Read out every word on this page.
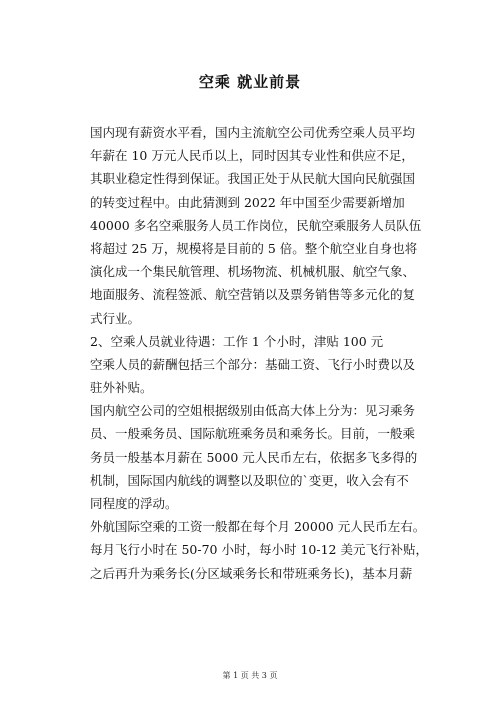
空乘 就业前景
国内现有薪资水平看，国内主流航空公司优秀空乘人员平均
年薪在 10 万元人民币以上，同时因其专业性和供应不足，
其职业稳定性得到保证。我国正处于从民航大国向民航强国
的转变过程中。由此猜测到 2022 年中国至少需要新增加
40000 多名空乘服务人员工作岗位，民航空乘服务人员队伍
将超过 25 万，规模将是目前的 5 倍。整个航空业自身也将
演化成一个集民航管理、机场物流、机械机服、航空气象、
地面服务、流程签派、航空营销以及票务销售等多元化的复
式行业。
2、空乘人员就业待遇：工作 1 个小时，津贴 100 元
空乘人员的薪酬包括三个部分：基础工资、飞行小时费以及
驻外补贴。
国内航空公司的空姐根据级别由低高大体上分为：见习乘务
员、一般乘务员、国际航班乘务员和乘务长。目前，一般乘
务员一般基本月薪在 5000 元人民币左右，依据多飞多得的
机制，国际国内航线的调整以及职位的`变更，收入会有不
同程度的浮动。
外航国际空乘的工资一般都在每个月 20000 元人民币左右。
每月飞行小时在 50-70 小时，每小时 10-12 美元飞行补贴，
之后再升为乘务长(分区域乘务长和带班乘务长)，基本月薪
第 1 页 共 3 页
